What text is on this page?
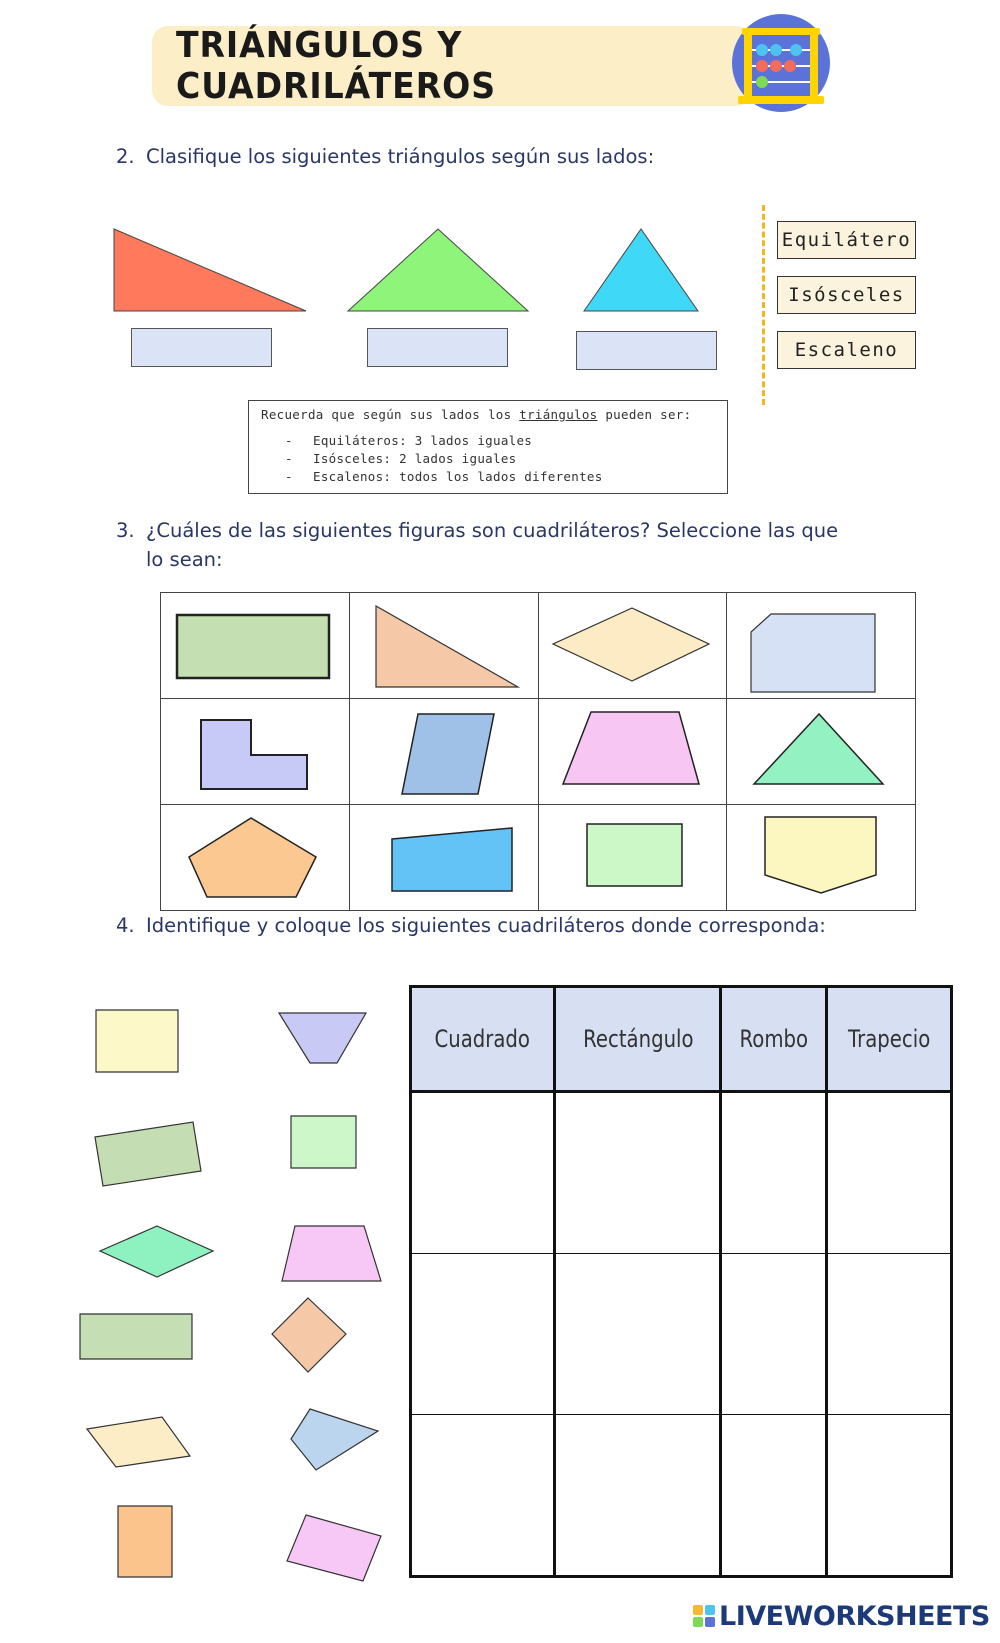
TRIÁNGULOS Y CUADRILÁTEROS
2. Clasifique los siguientes triángulos según sus lados:
Equilátero
Isósceles
Escaleno
Recuerda que según sus lados los triángulos pueden ser:
- Equiláteros: 3 lados iguales
- Isósceles: 2 lados iguales
- Escalenos: todos los lados diferentes
3. ¿Cuáles de las siguientes figuras son cuadriláteros? Seleccione las que
lo sean:

4. Identifique y coloque los siguientes cuadriláteros donde corresponda:
Cuadrado	Rectángulo	Rombo	Trapecio

LIVEWORKSHEETS
